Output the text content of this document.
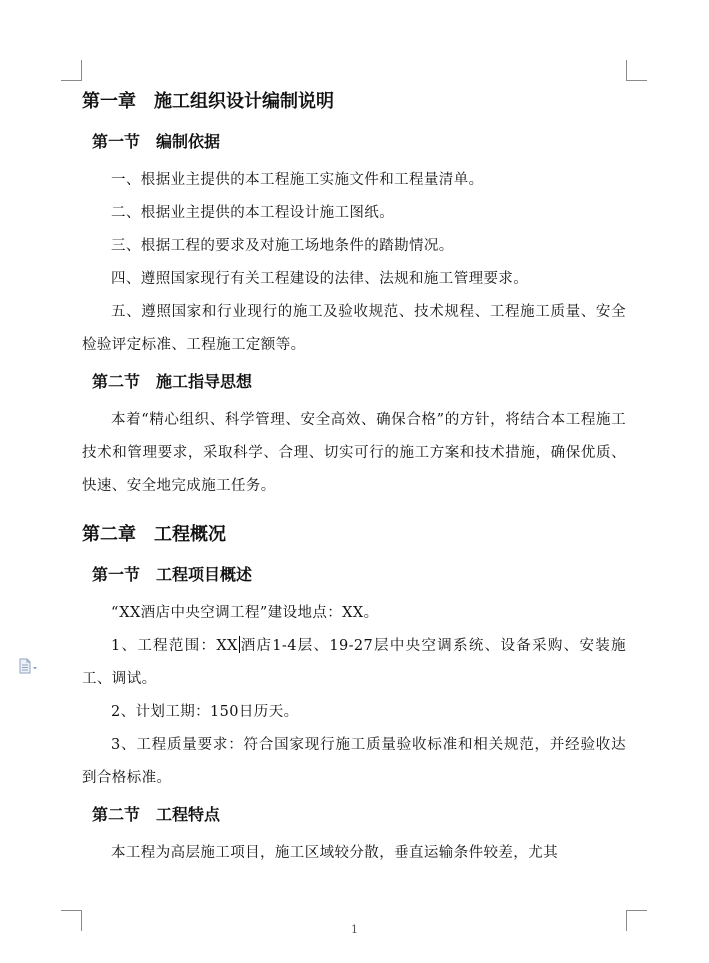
第一章　施工组织设计编制说明
第一节　编制依据

一、根据业主提供的本工程施工实施文件和工程量清单。

二、根据业主提供的本工程设计施工图纸。

三、根据工程的要求及对施工场地条件的踏勘情况。

四、遵照国家现行有关工程建设的法律、法规和施工管理要求。

五、遵照国家和行业现行的施工及验收规范、技术规程、工程施工质量、安全检验评定标准、工程施工定额等。

第二节　施工指导思想

本着“精心组织、科学管理、安全高效、确保合格”的方针，将结合本工程施工技术和管理要求，采取科学、合理、切实可行的施工方案和技术措施，确保优质、快速、安全地完成施工任务。

第二章　工程概况
第一节　工程项目概述

“XX酒店中央空调工程”建设地点：XX。

1、工程范围：XX 酒店1-4层、19-27层中央空调系统、设备采购、安装施工、调试。

2、计划工期：150日历天。

3、工程质量要求：符合国家现行施工质量验收标准和相关规范，并经验收达到合格标准。

第二节　工程特点

本工程为高层施工项目，施工区域较分散，垂直运输条件较差，尤其

1
